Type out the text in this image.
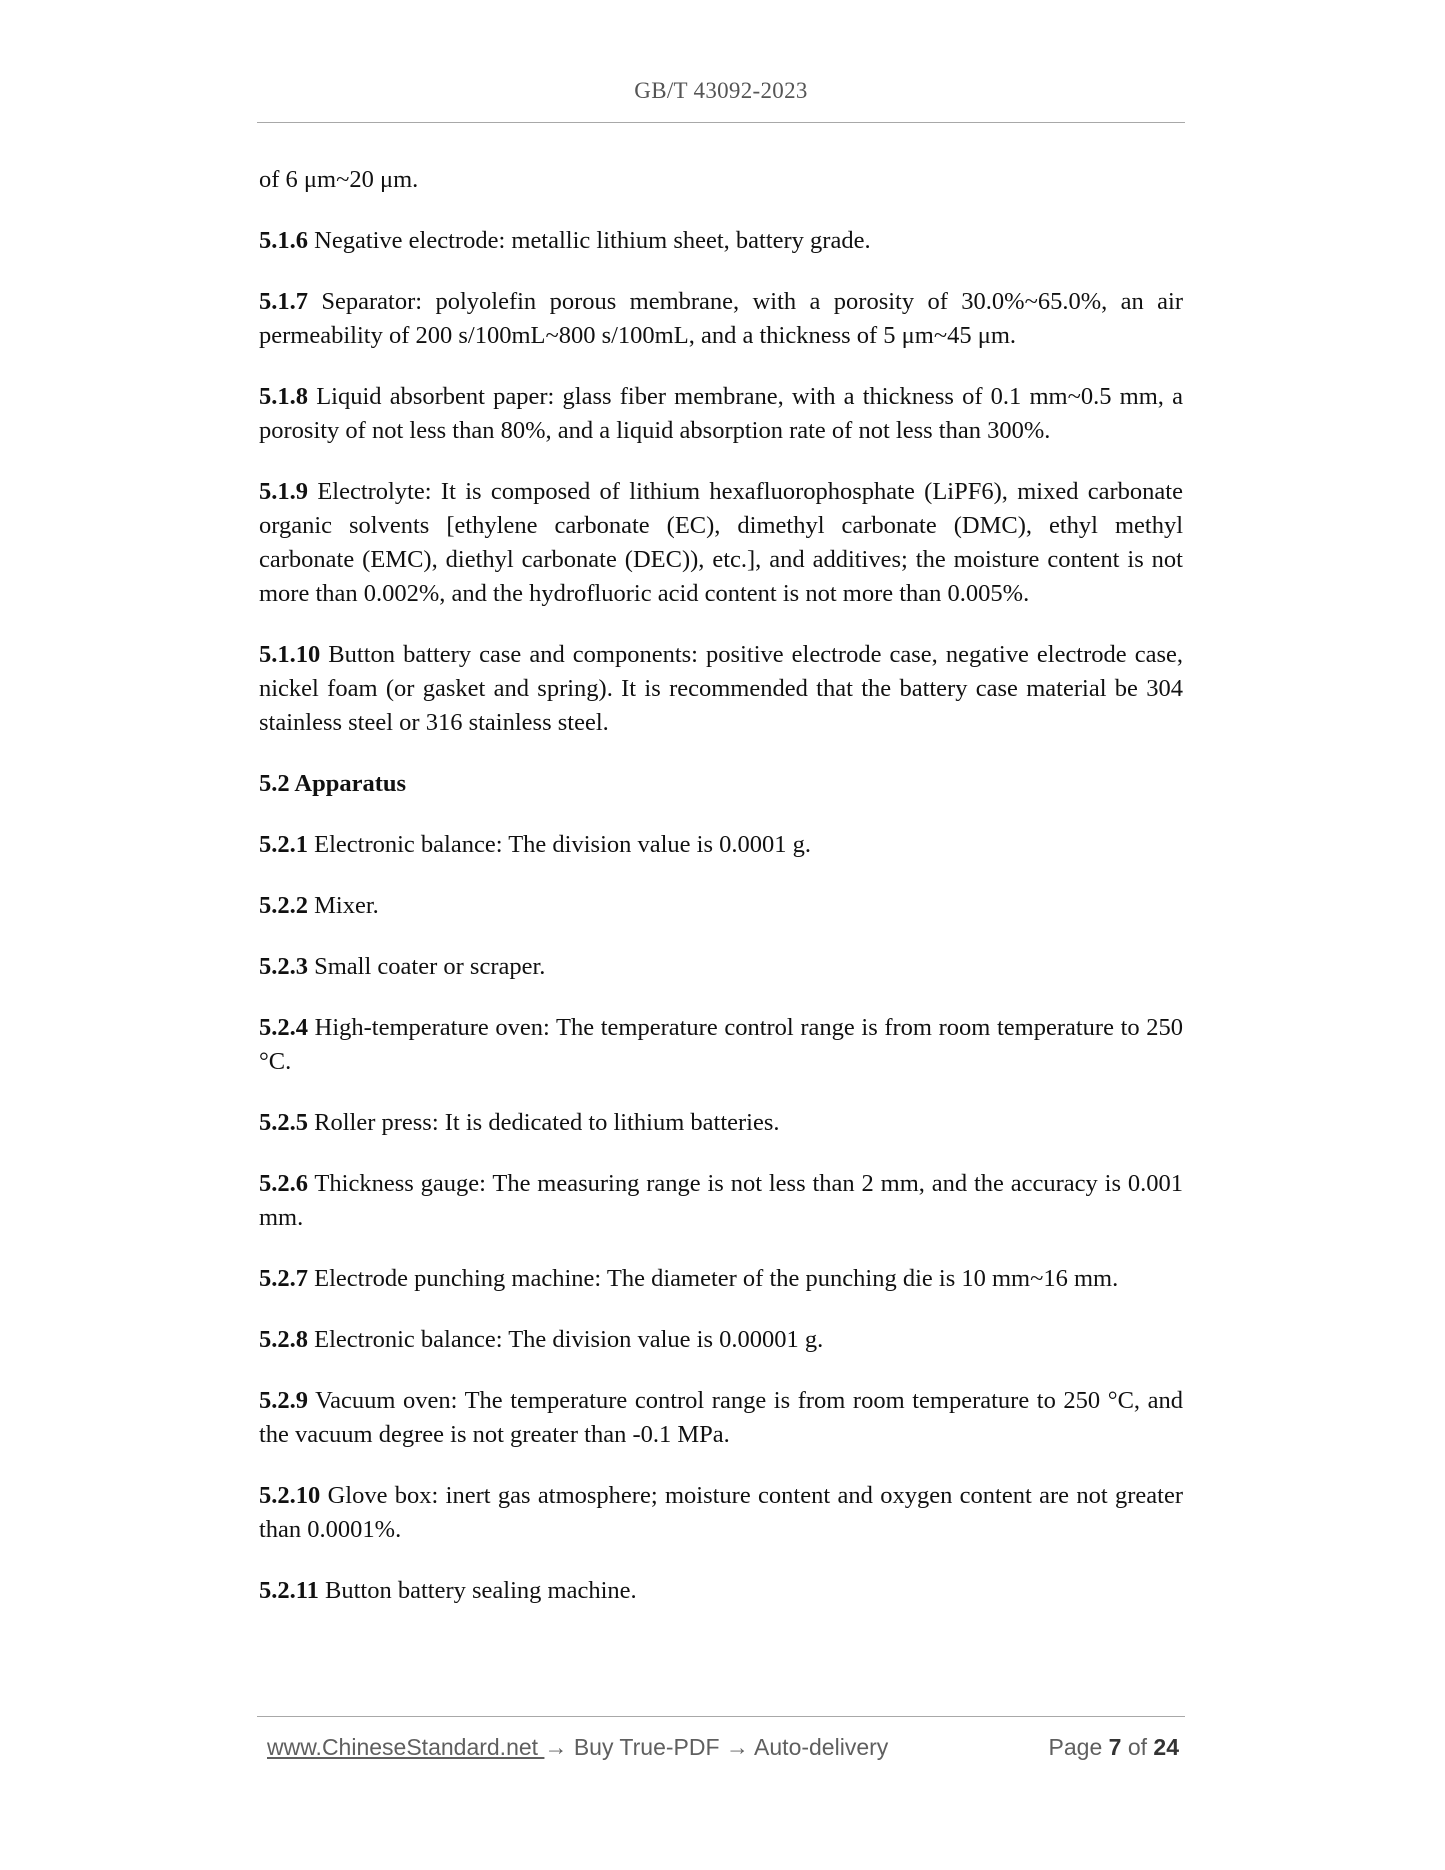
GB/T 43092-2023

of 6 μm~20 μm.

5.1.6 Negative electrode: metallic lithium sheet, battery grade.

5.1.7 Separator: polyolefin porous membrane, with a porosity of 30.0%~65.0%, an air permeability of 200 s/100mL~800 s/100mL, and a thickness of 5 μm~45 μm.

5.1.8 Liquid absorbent paper: glass fiber membrane, with a thickness of 0.1 mm~0.5 mm, a porosity of not less than 80%, and a liquid absorption rate of not less than 300%.

5.1.9 Electrolyte: It is composed of lithium hexafluorophosphate (LiPF6), mixed carbonate organic solvents [ethylene carbonate (EC), dimethyl carbonate (DMC), ethyl methyl carbonate (EMC), diethyl carbonate (DEC)), etc.], and additives; the moisture content is not more than 0.002%, and the hydrofluoric acid content is not more than 0.005%.

5.1.10 Button battery case and components: positive electrode case, negative electrode case, nickel foam (or gasket and spring). It is recommended that the battery case material be 304 stainless steel or 316 stainless steel.

5.2 Apparatus

5.2.1 Electronic balance: The division value is 0.0001 g.

5.2.2 Mixer.

5.2.3 Small coater or scraper.

5.2.4 High-temperature oven: The temperature control range is from room temperature to 250 °C.

5.2.5 Roller press: It is dedicated to lithium batteries.

5.2.6 Thickness gauge: The measuring range is not less than 2 mm, and the accuracy is 0.001 mm.

5.2.7 Electrode punching machine: The diameter of the punching die is 10 mm~16 mm.

5.2.8 Electronic balance: The division value is 0.00001 g.

5.2.9 Vacuum oven: The temperature control range is from room temperature to 250 °C, and the vacuum degree is not greater than -0.1 MPa.

5.2.10 Glove box: inert gas atmosphere; moisture content and oxygen content are not greater than 0.0001%.

5.2.11 Button battery sealing machine.

www.ChineseStandard.net → Buy True-PDF → Auto-delivery	Page 7 of 24
